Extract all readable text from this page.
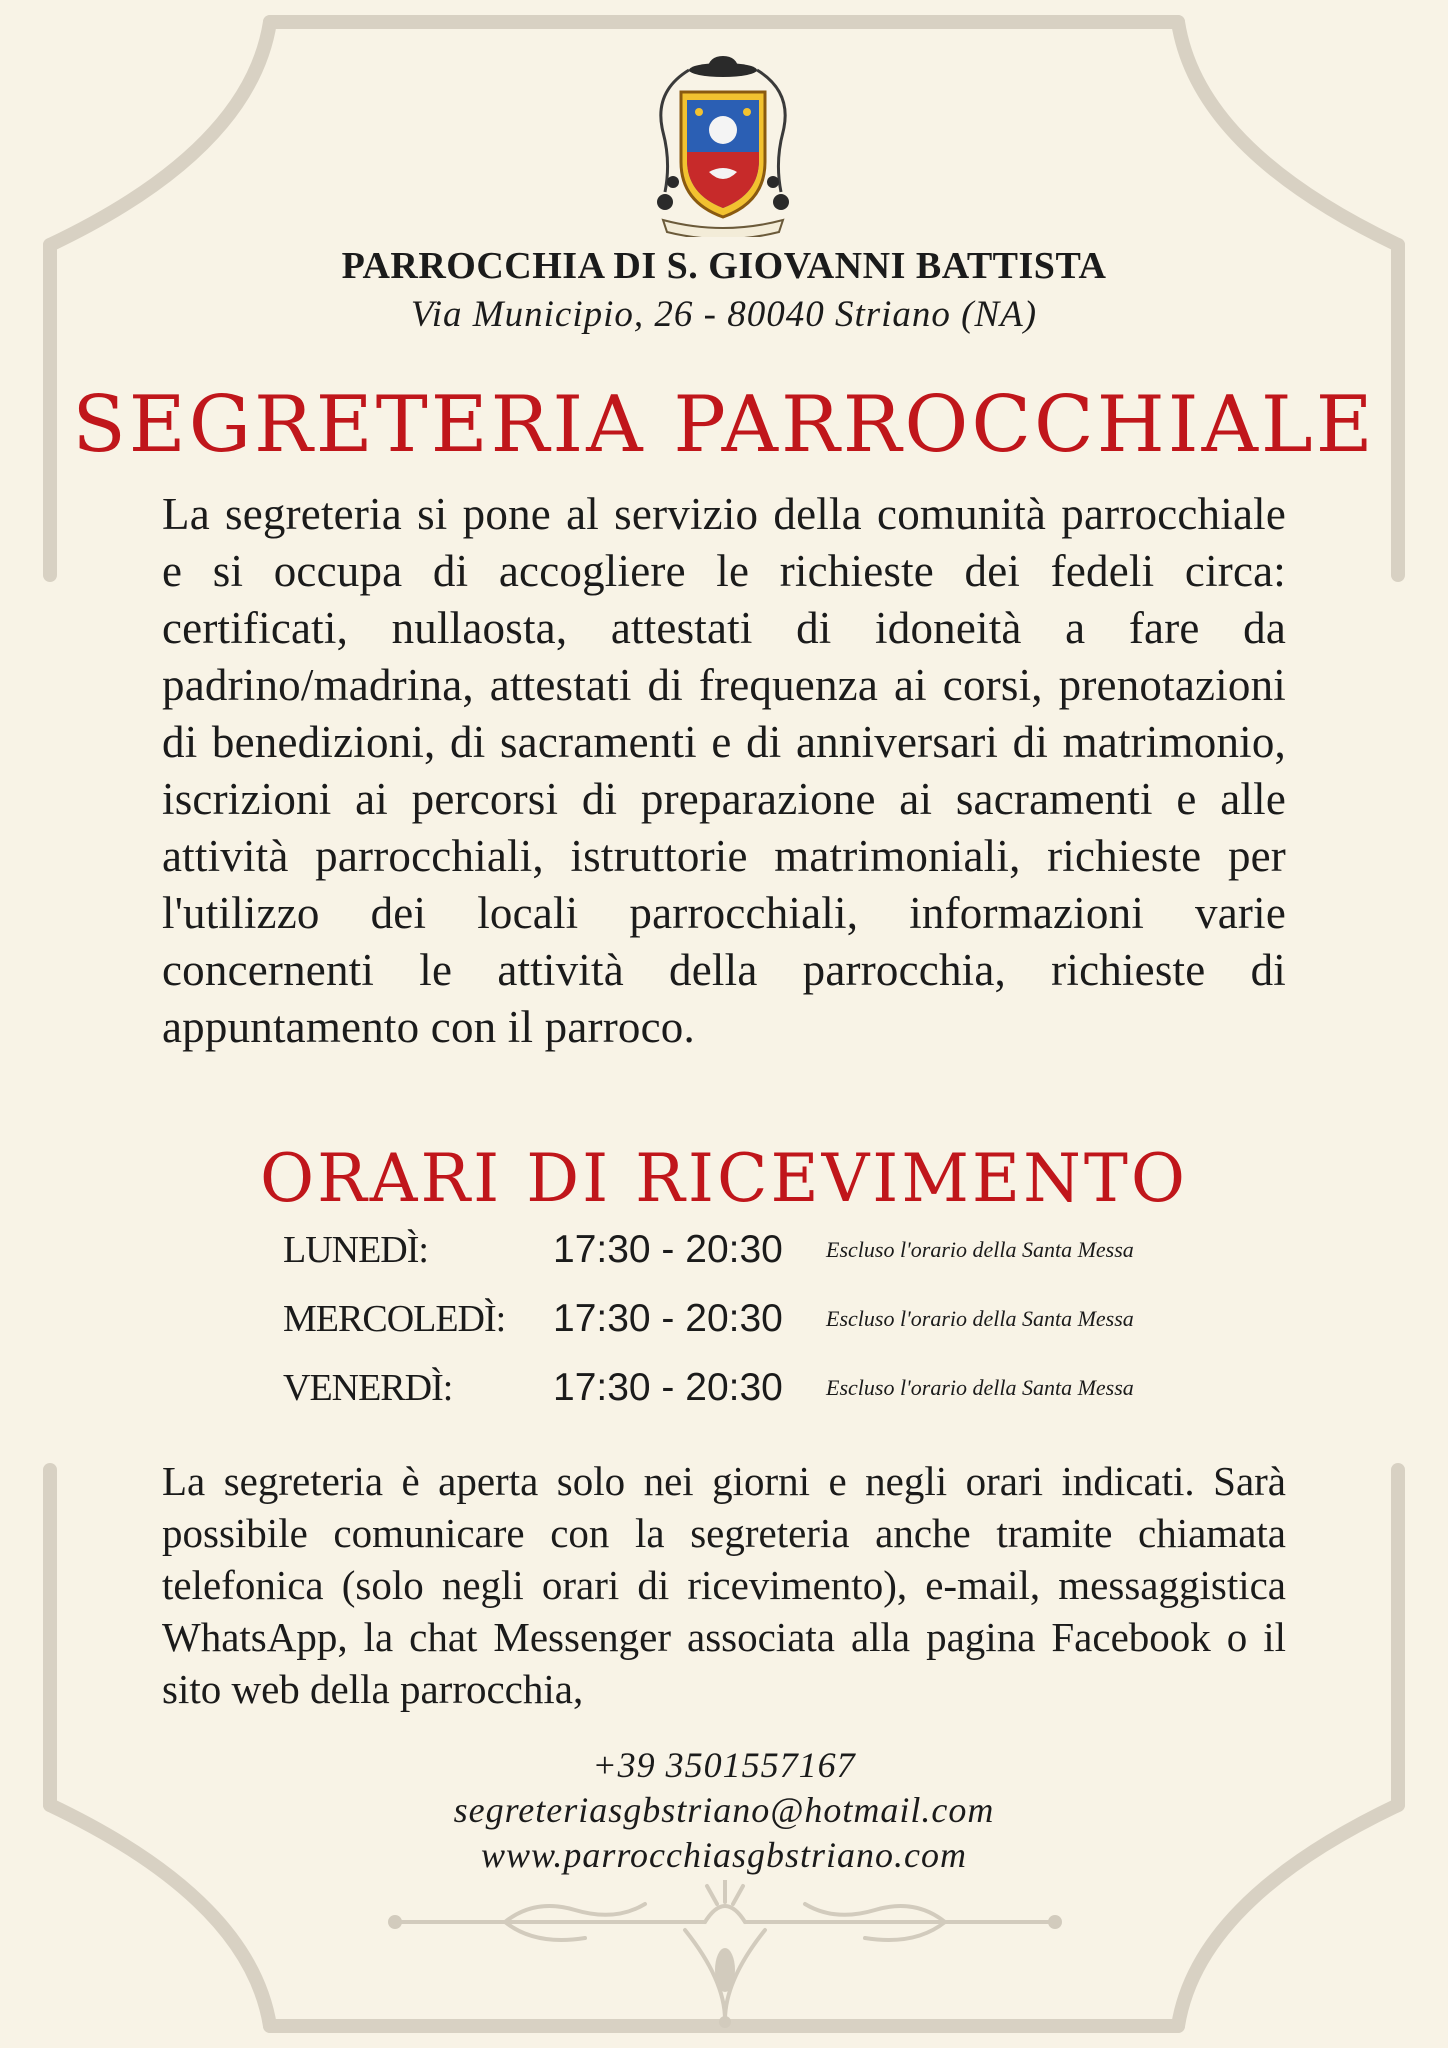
PARROCCHIA DI S. GIOVANNI BATTISTA
Via Municipio, 26 - 80040 Striano (NA)
SEGRETERIA PARROCCHIALE
La segreteria si pone al servizio della comunità parrocchiale e si occupa di accogliere le richieste dei fedeli circa: certificati, nullaosta, attestati di idoneità a fare da padrino/madrina, attestati di frequenza ai corsi, prenotazioni di benedizioni, di sacramenti e di anniversari di matrimonio, iscrizioni ai percorsi di preparazione ai sacramenti e alle attività parrocchiali, istruttorie matrimoniali, richieste per l'utilizzo dei locali parrocchiali, informazioni varie concernenti le attività della parrocchia, richieste di appuntamento con il parroco.
ORARI DI RICEVIMENTO
LUNEDÌ:	17:30 - 20:30 Escluso l'orario della Santa Messa
MERCOLEDÌ: 17:30 - 20:30 Escluso l'orario della Santa Messa
VENERDÌ:	17:30 - 20:30 Escluso l'orario della Santa Messa
La segreteria è aperta solo nei giorni e negli orari indicati. Sarà possibile comunicare con la segreteria anche tramite chiamata telefonica (solo negli orari di ricevimento), e-mail, messaggistica WhatsApp, la chat Messenger associata alla pagina Facebook o il sito web della parrocchia,
+39 3501557167
segreteriasgbstriano@hotmail.com
www.parrocchiasgbstriano.com
